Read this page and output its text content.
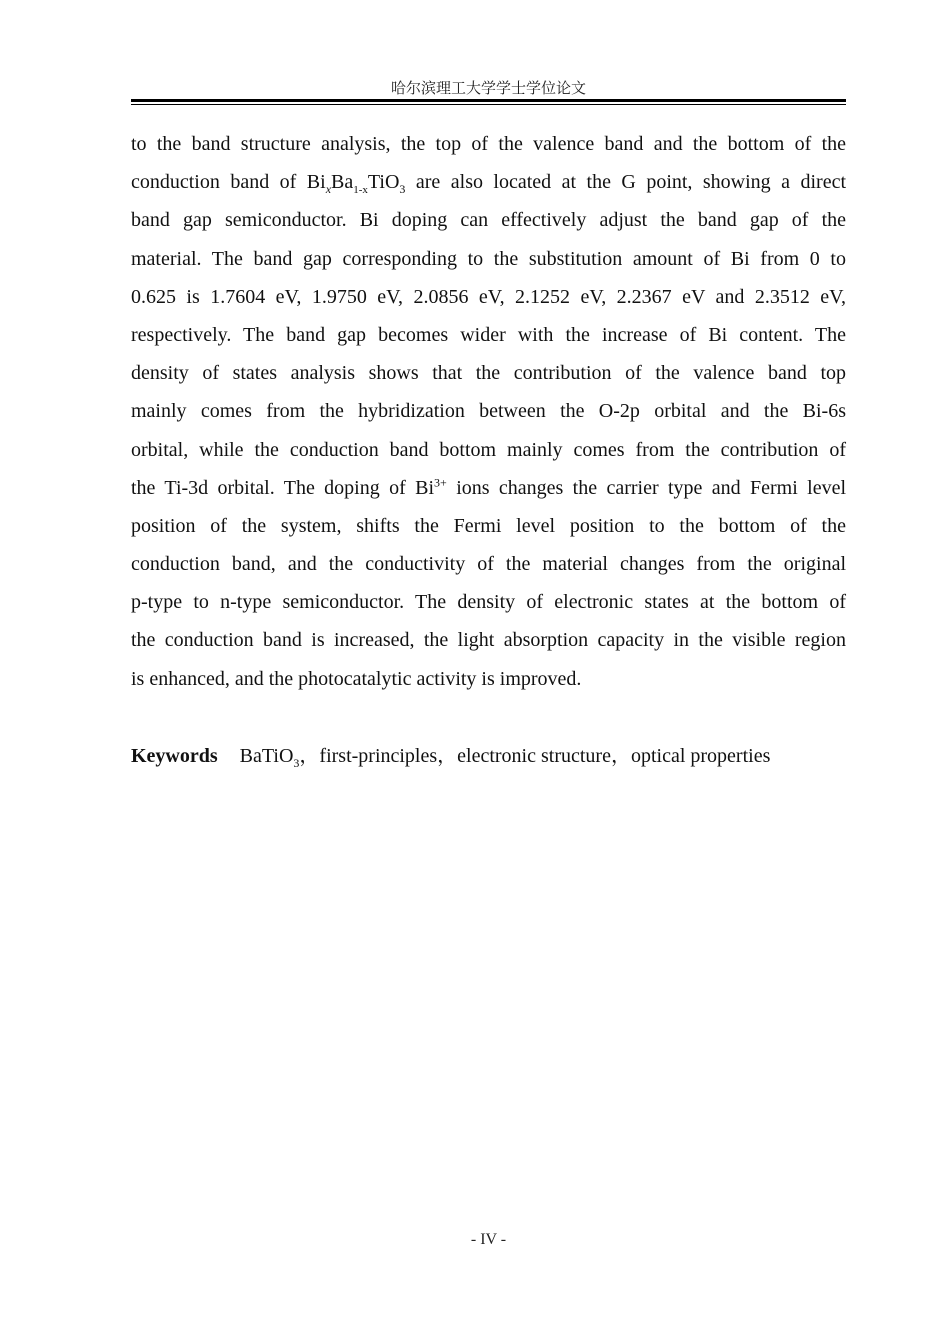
哈尔滨理工大学学士学位论文
to the band structure analysis, the top of the valence band and the bottom of the
conduction band of $Bi_xBa_{1-x}TiO_3$ are also located at the G point, showing a direct
band gap semiconductor. Bi doping can effectively adjust the band gap of the
material. The band gap corresponding to the substitution amount of Bi from 0 to
0.625 is 1.7604 eV, 1.9750 eV, 2.0856 eV, 2.1252 eV, 2.2367 eV and 2.3512 eV,
respectively. The band gap becomes wider with the increase of Bi content. The
density of states analysis shows that the contribution of the valence band top
mainly comes from the hybridization between the O-2p orbital and the Bi-6s
orbital, while the conduction band bottom mainly comes from the contribution of
the Ti-3d orbital. The doping of $Bi^{3+}$ ions changes the carrier type and Fermi level
position of the system, shifts the Fermi level position to the bottom of the
conduction band, and the conductivity of the material changes from the original
p-type to n-type semiconductor. The density of electronic states at the bottom of
the conduction band is increased, the light absorption capacity in the visible region
is enhanced, and the photocatalytic activity is improved.
Keywords BaTiO$_3$，first-principles，electronic structure，optical properties
- IV -
